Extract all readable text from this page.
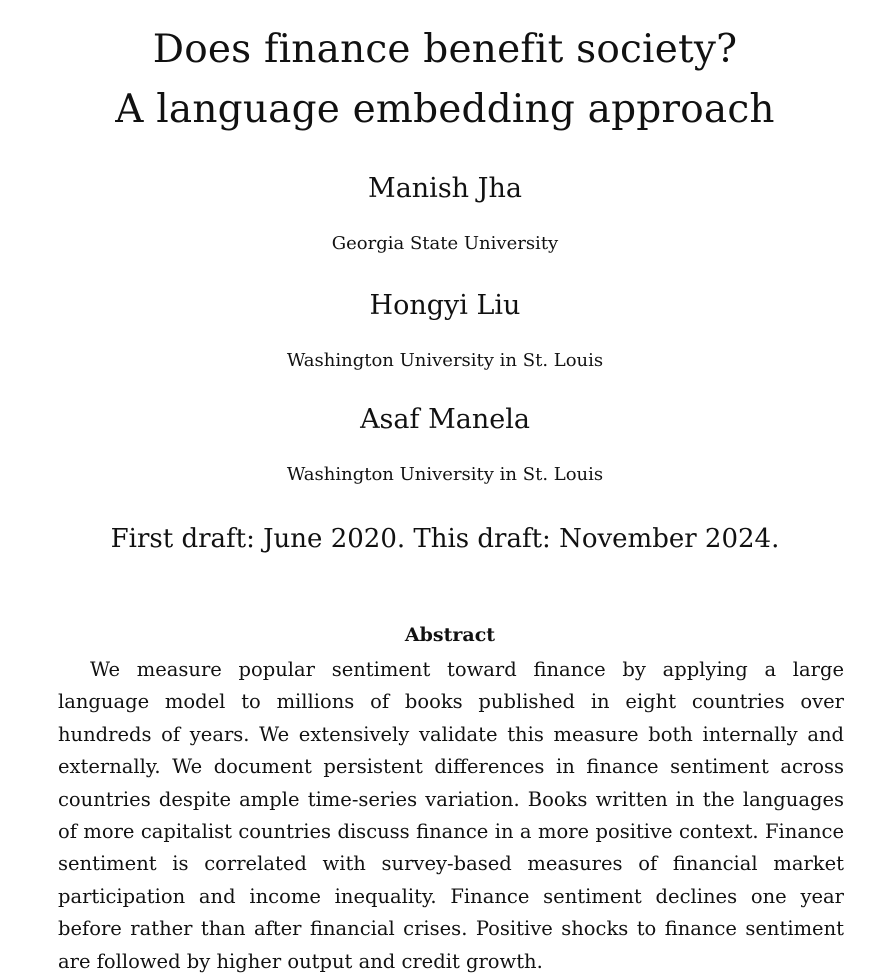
Does finance benefit society?
A language embedding approach
Manish Jha
Georgia State University
Hongyi Liu
Washington University in St. Louis
Asaf Manela
Washington University in St. Louis
First draft: June 2020. This draft: November 2024.
Abstract

We measure popular sentiment toward finance by applying a large language model to millions of books published in eight countries over hundreds of years. We extensively validate this measure both internally and externally. We document persistent differences in finance sentiment across countries despite ample time-series variation. Books written in the languages of more capitalist countries discuss finance in a more positive context. Finance sentiment is correlated with survey-based measures of financial market participation and income inequality. Finance sentiment declines one year before rather than after financial crises. Positive shocks to finance sentiment are followed by higher output and credit growth.
